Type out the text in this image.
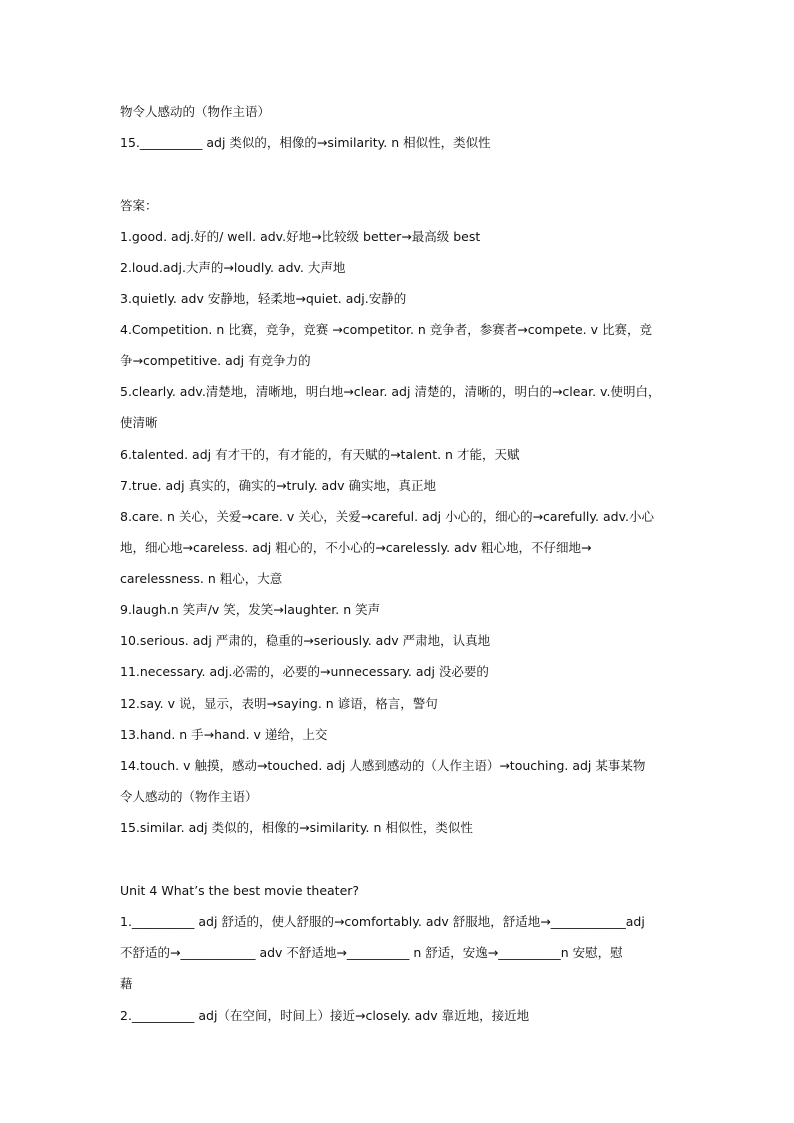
物令人感动的（物作主语）
15.__________ adj 类似的，相像的→similarity. n 相似性，类似性
答案：
1.good. adj.好的/ well. adv.好地→比较级 better→最高级 best
2.loud.adj.大声的→loudly. adv. 大声地
3.quietly. adv 安静地，轻柔地→quiet. adj.安静的
4.Competition. n 比赛，竞争，竞赛 →competitor. n 竞争者，参赛者→compete. v 比赛，竞
争→competitive. adj 有竞争力的
5.clearly. adv.清楚地，清晰地，明白地→clear. adj 清楚的，清晰的，明白的→clear. v.使明白，
使清晰
6.talented. adj 有才干的，有才能的，有天赋的→talent. n 才能，天赋
7.true. adj 真实的，确实的→truly. adv 确实地，真正地
8.care. n 关心，关爱→care. v 关心，关爱→careful. adj 小心的，细心的→carefully. adv.小心
地，细心地→careless. adj 粗心的，不小心的→carelessly. adv 粗心地，不仔细地→
carelessness. n 粗心，大意
9.laugh.n 笑声/v 笑，发笑→laughter. n 笑声
10.serious. adj 严肃的，稳重的→seriously. adv 严肃地，认真地
11.necessary. adj.必需的，必要的→unnecessary. adj 没必要的
12.say. v 说，显示，表明→saying. n 谚语，格言，警句
13.hand. n 手→hand. v 递给，上交
14.touch. v 触摸，感动→touched. adj 人感到感动的（人作主语）→touching. adj 某事某物
令人感动的（物作主语）
15.similar. adj 类似的，相像的→similarity. n 相似性，类似性
Unit 4 What’s the best movie theater?
1.__________ adj 舒适的，使人舒服的→comfortably. adv 舒服地，舒适地→____________adj
不舒适的→____________ adv 不舒适地→__________ n 舒适，安逸→__________n 安慰，慰
藉
2.__________ adj（在空间，时间上）接近→closely. adv 靠近地，接近地
